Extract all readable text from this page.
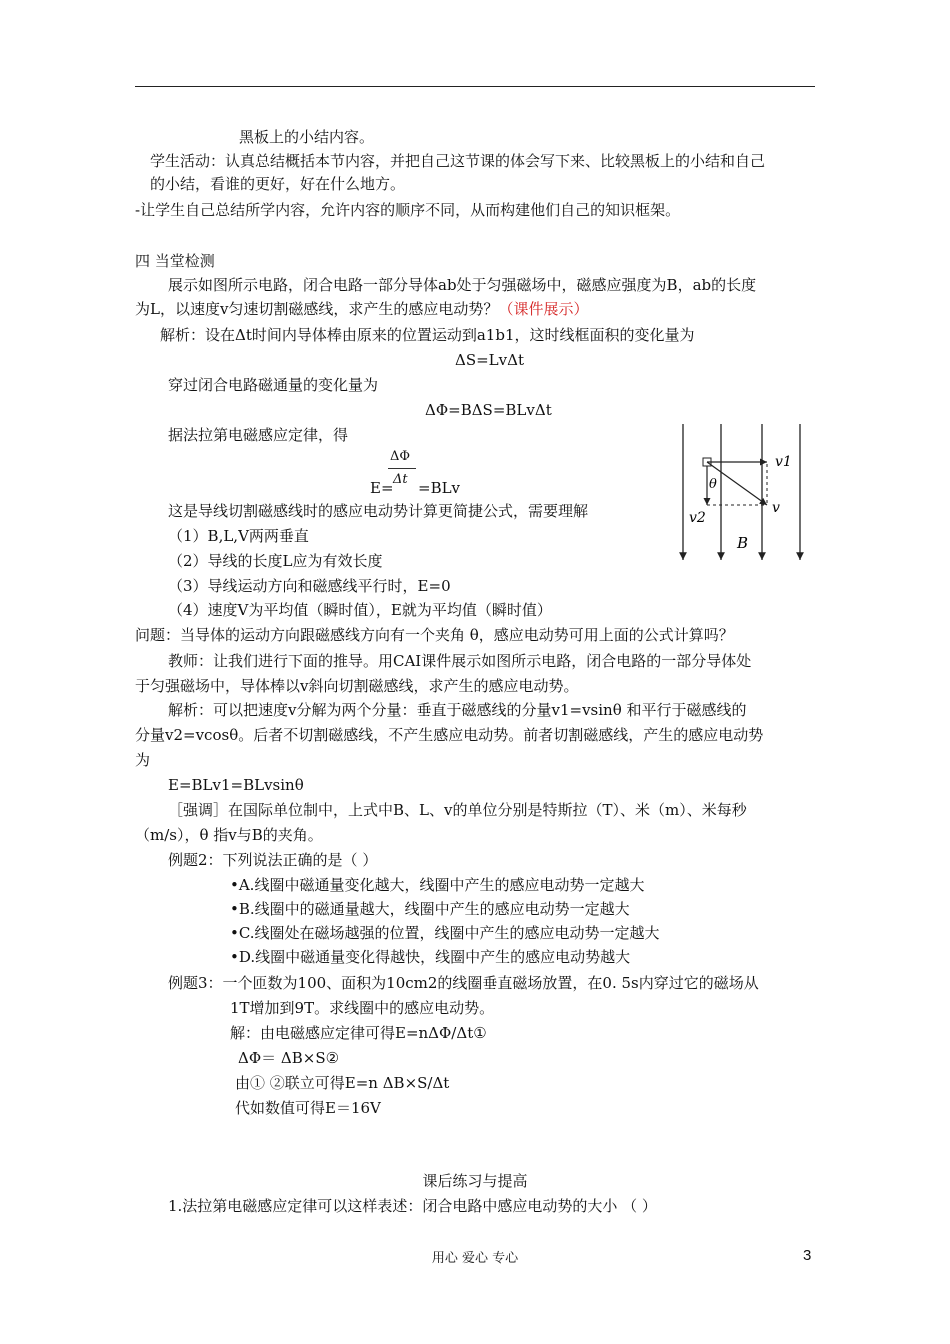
黑板上的小结内容。
学生活动：认真总结概括本节内容，并把自己这节课的体会写下来、比较黑板上的小结和自己
的小结，看谁的更好，好在什么地方。
-让学生自己总结所学内容，允许内容的顺序不同，从而构建他们自己的知识框架。
四 当堂检测
展示如图所示电路，闭合电路一部分导体ab处于匀强磁场中，磁感应强度为B，ab的长度
为L，以速度v匀速切割磁感线，求产生的感应电动势？（课件展示）
解析：设在Δt时间内导体棒由原来的位置运动到a1b1，这时线框面积的变化量为
ΔS=LvΔt
穿过闭合电路磁通量的变化量为
ΔΦ=BΔS=BLvΔt
据法拉第电磁感应定律，得
ΔΦ
Δt
E= =BLv
这是导线切割磁感线时的感应电动势计算更简捷公式，需要理解
（1）B,L,V两两垂直
（2）导线的长度L应为有效长度
（3）导线运动方向和磁感线平行时，E=0
（4）速度V为平均值（瞬时值），E就为平均值（瞬时值）
v1
v
v2
θ
B
问题：当导体的运动方向跟磁感线方向有一个夹角 θ，感应电动势可用上面的公式计算吗？
教师：让我们进行下面的推导。用CAI课件展示如图所示电路，闭合电路的一部分导体处
于匀强磁场中，导体棒以v斜向切割磁感线，求产生的感应电动势。
解析：可以把速度v分解为两个分量：垂直于磁感线的分量v1=vsinθ 和平行于磁感线的
分量v2=vcosθ。后者不切割磁感线，不产生感应电动势。前者切割磁感线，产生的感应电动势
为
E=BLv1=BLvsinθ
［强调］在国际单位制中，上式中B、L、v的单位分别是特斯拉（T）、米（m）、米每秒
（m/s），θ 指v与B的夹角。
例题2：下列说法正确的是（ ）
•A.线圈中磁通量变化越大，线圈中产生的感应电动势一定越大
•B.线圈中的磁通量越大，线圈中产生的感应电动势一定越大
•C.线圈处在磁场越强的位置，线圈中产生的感应电动势一定越大
•D.线圈中磁通量变化得越快，线圈中产生的感应电动势越大
例题3：一个匝数为100、面积为10cm2的线圈垂直磁场放置，在0. 5s内穿过它的磁场从
1T增加到9T。求线圈中的感应电动势。
解：由电磁感应定律可得E=nΔΦ/Δt①
ΔΦ＝ ΔB×S②
由① ②联立可得E=n ΔB×S/Δt
代如数值可得E＝16V
课后练习与提高
1.法拉第电磁感应定律可以这样表述：闭合电路中感应电动势的大小 （ ）
用心 爱心 专心	3
